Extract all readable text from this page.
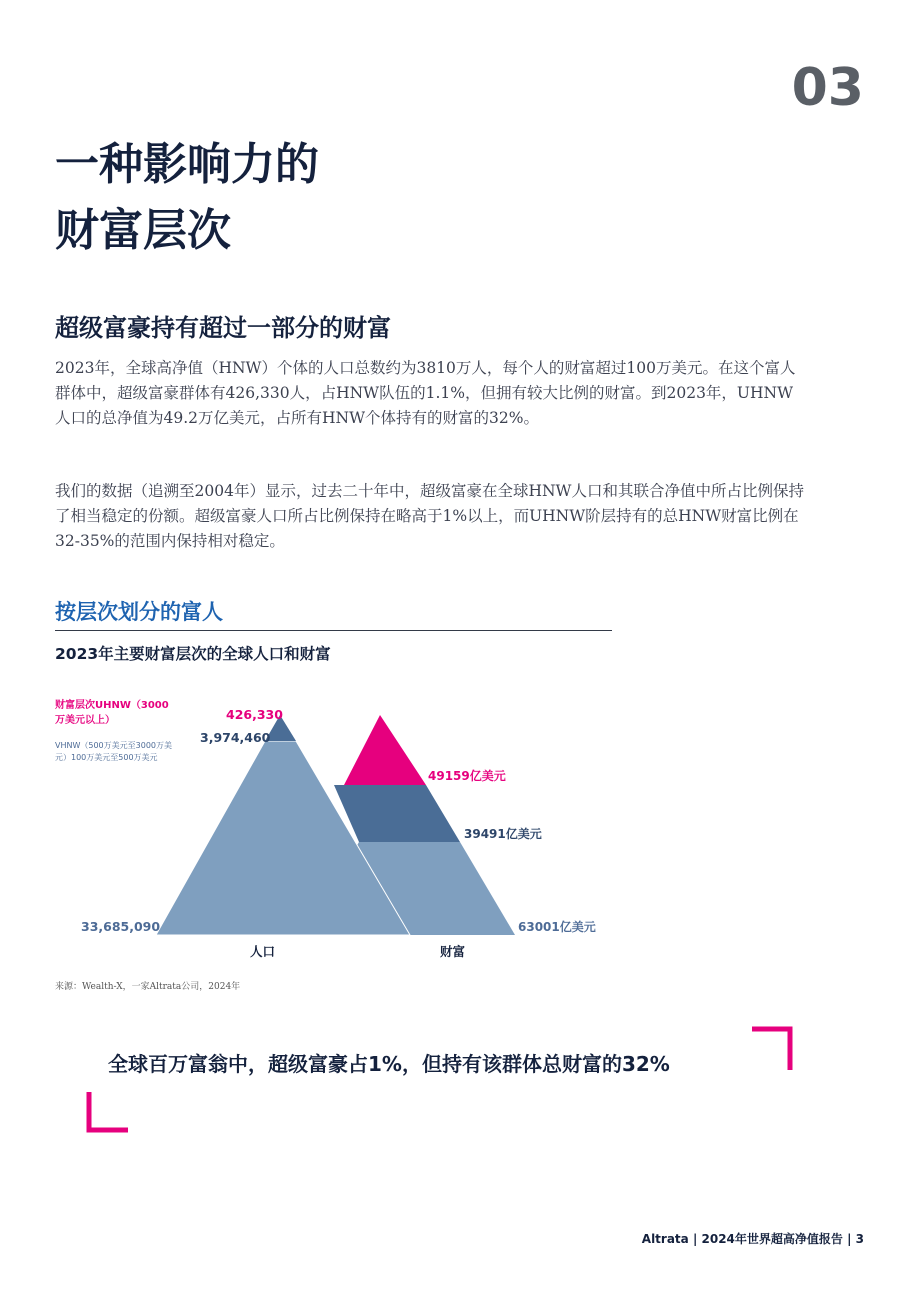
03
一种影响力的
财富层次
超级富豪持有超过一部分的财富

2023年，全球高净值（HNW）个体的人口总数约为3810万人，每个人的财富超过100万美元。在这个富人群体中，超级富豪群体有426,330人，占HNW队伍的1.1%，但拥有较大比例的财富。到2023年，UHNW人口的总净值为49.2万亿美元，占所有HNW个体持有的财富的32%。

我们的数据（追溯至2004年）显示，过去二十年中，超级富豪在全球HNW人口和其联合净值中所占比例保持了相当稳定的份额。超级富豪人口所占比例保持在略高于1%以上，而UHNW阶层持有的总HNW财富比例在32-35%的范围内保持相对稳定。

按层次划分的富人
2023年主要财富层次的全球人口和财富
财富层次UHNW（3000万美元以上）
VHNW（500万美元至3000万美元）100万美元至500万美元
426,330
3,974,460
33,685,090
49159亿美元
39491亿美元
63001亿美元
人口	财富
来源：Wealth-X，一家Altrata公司，2024年
全球百万富翁中，超级富豪占1%，但持有该群体总财富的32%
Altrata | 2024年世界超高净值报告 | 3
